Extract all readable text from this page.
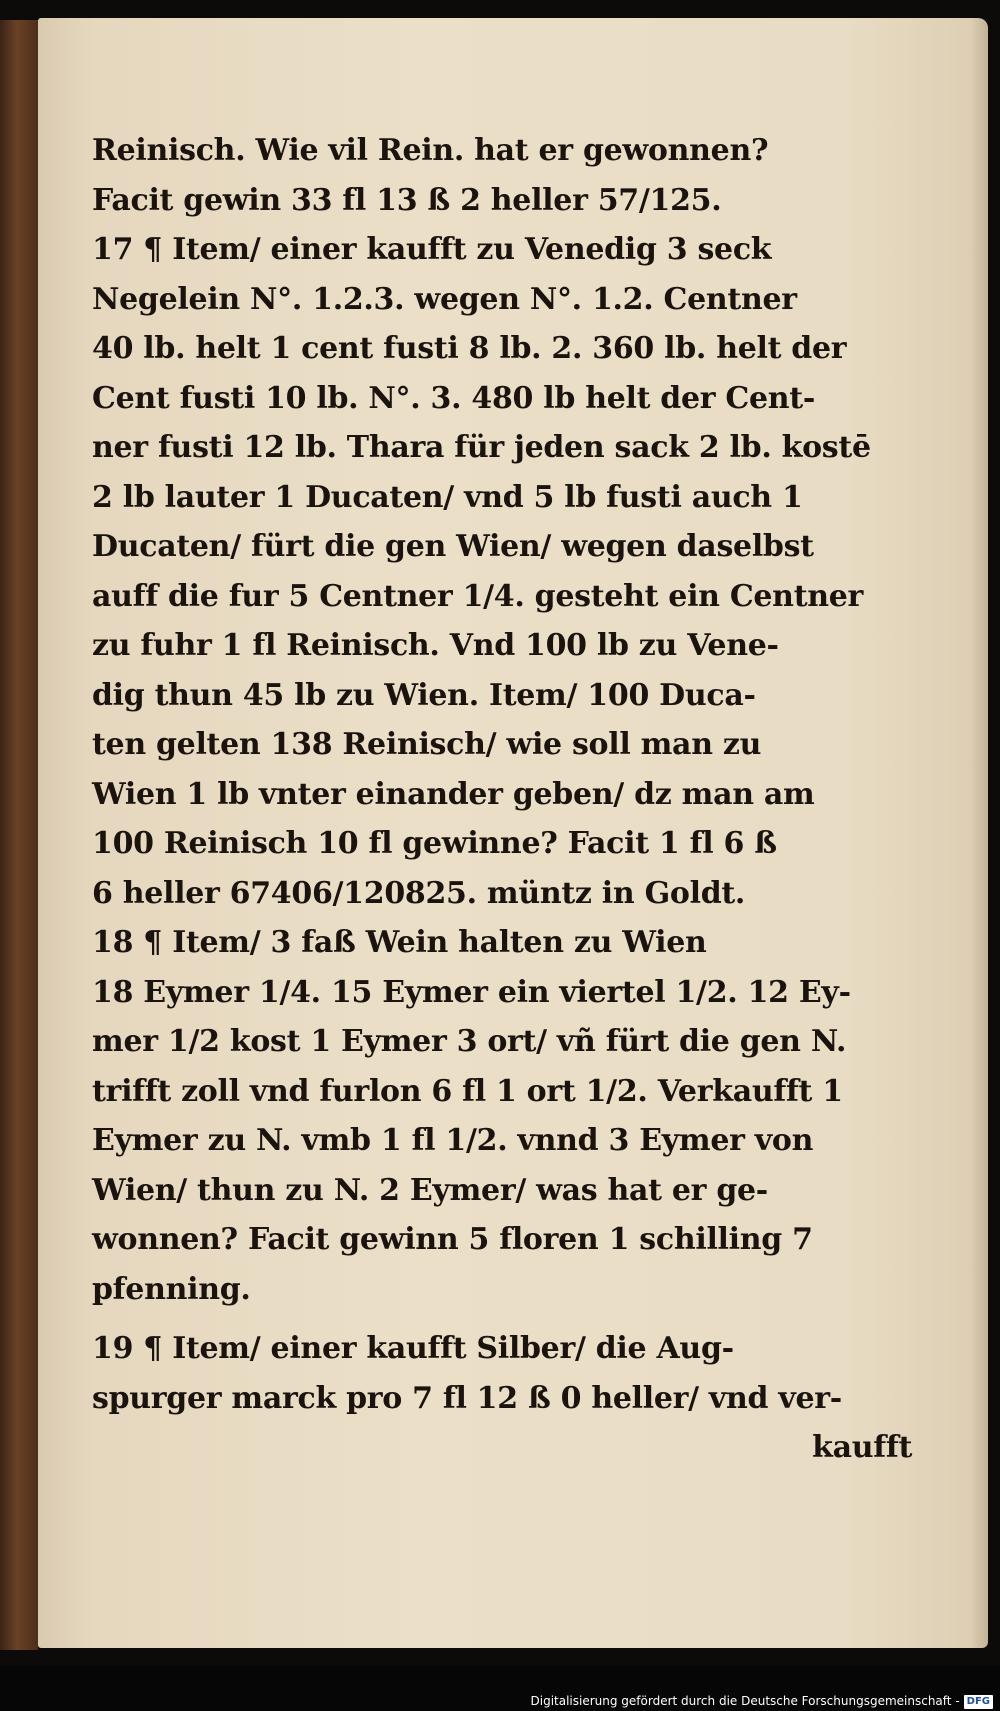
Reinisch. Wie vil Rein. hat er gewonnen?
Facit gewin 33 fl 13 ß 2 heller 57/125.
17 ¶ Item/ einer kaufft zu Venedig 3 seck
Negelein N°. 1.2.3. wegen N°. 1.2. Centner
40 lb. helt 1 cent fusti 8 lb. 2. 360 lb. helt der
Cent fusti 10 lb. N°. 3. 480 lb helt der Cent-
ner fusti 12 lb. Thara für jeden sack 2 lb. kostē
2 lb lauter 1 Ducaten/ vnd 5 lb fusti auch 1
Ducaten/ fürt die gen Wien/ wegen daselbst
auff die fur 5 Centner 1/4. gesteht ein Centner
zu fuhr 1 fl Reinisch. Vnd 100 lb zu Vene-
dig thun 45 lb zu Wien. Item/ 100 Duca-
ten gelten 138 Reinisch/ wie soll man zu
Wien 1 lb vnter einander geben/ dz man am
100 Reinisch 10 fl gewinne? Facit 1 fl 6 ß
6 heller 67406/120825. müntz in Goldt.
18 ¶ Item/ 3 faß Wein halten zu Wien
18 Eymer 1/4. 15 Eymer ein viertel 1/2. 12 Ey-
mer 1/2 kost 1 Eymer 3 ort/ vñ fürt die gen N.
trifft zoll vnd furlon 6 fl 1 ort 1/2. Verkaufft 1
Eymer zu N. vmb 1 fl 1/2. vnnd 3 Eymer von
Wien/ thun zu N. 2 Eymer/ was hat er ge-
wonnen? Facit gewinn 5 floren 1 schilling 7
pfenning.
19 ¶ Item/ einer kaufft Silber/ die Aug-
spurger marck pro 7 fl 12 ß 0 heller/ vnd ver-
kaufft
Digitalisierung gefördert durch die Deutsche Forschungsgemeinschaft - DFG
